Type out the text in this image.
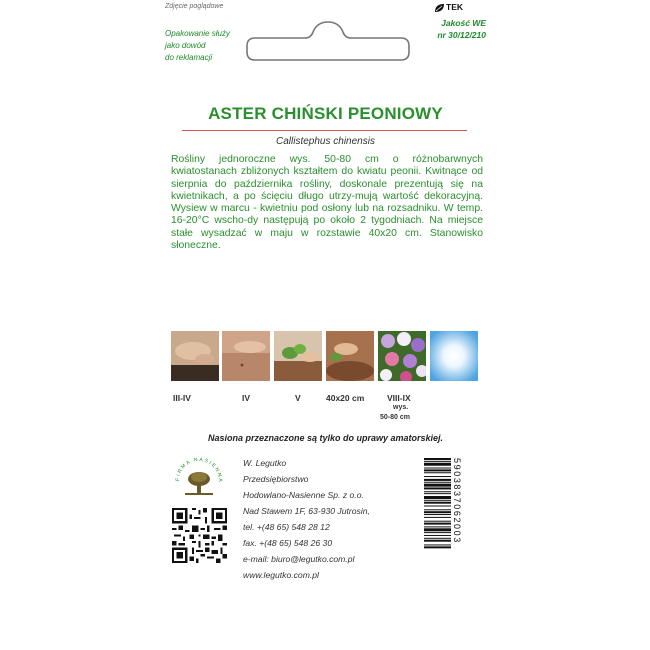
Zdjęcie poglądowe
Opakowanie służy
jako dowód
do reklamacji
TEK
Jakość WE
nr 30/12/210
ASTER CHIŃSKI PEONIOWY
Callistephus chinensis
Rośliny jednoroczne wys. 50-80 cm o różnobarwnych kwiatostanach zbliżonych kształtem do kwiatu peonii. Kwitnące od sierpnia do października rośliny, doskonale prezentują się na kwietnikach, a po ścięciu długo utrzy-mują wartość dekoracyjną. Wysiew w marcu - kwietniu pod osłony lub na rozsadniku. W temp. 16-20°C wscho-dy następują po około 2 tygodniach. Na miejsce stałe wysadzać w maju w rozstawie 40x20 cm. Stanowisko słoneczne.
III-IV	IV	V	40x20 cm	VIII-IX
wys.
50-80 cm
Nasiona przeznaczone są tylko do uprawy amatorskiej.
FIRMA NASIENNA
W. Legutko
Przedsiębiorstwo
Hodowlano-Nasienne Sp. z o.o.
Nad Stawem 1F, 63-930 Jutrosin,
tel. +(48 65) 548 28 12
fax. +(48 65) 548 26 30
e-mail: biuro@legutko.com.pl
www.legutko.com.pl
5903837062003
